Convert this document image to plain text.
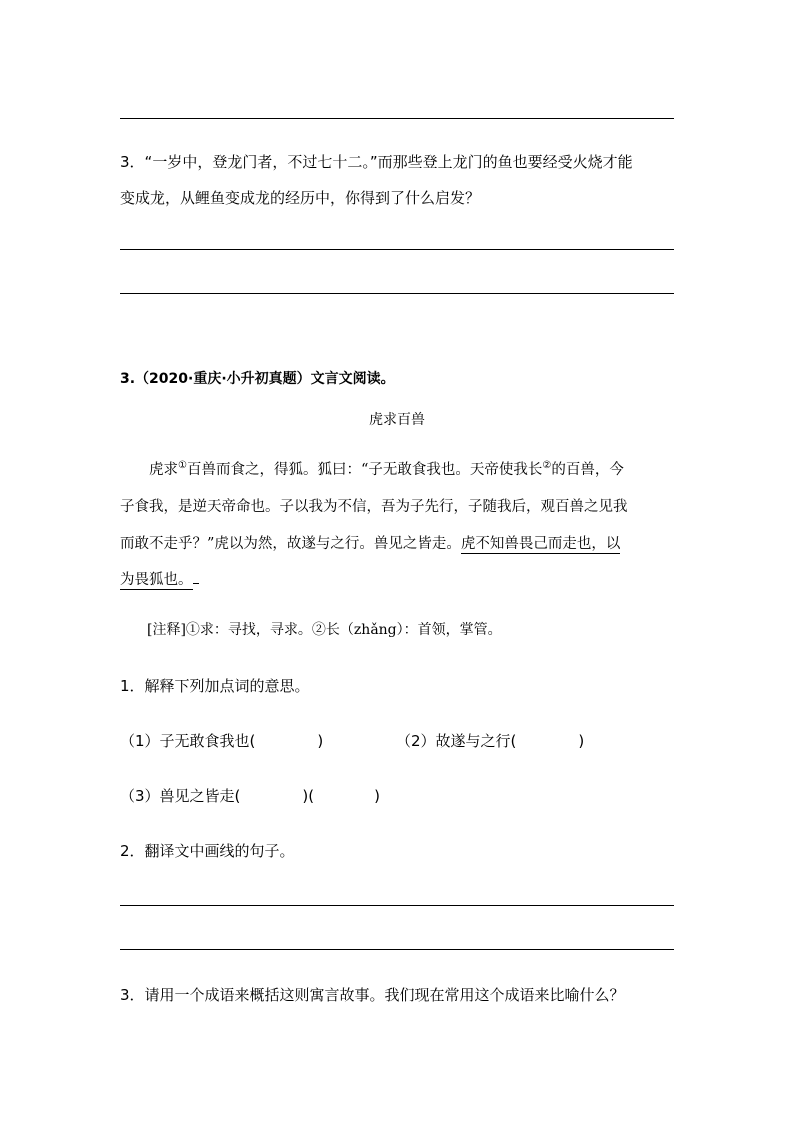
3．“一岁中，登龙门者，不过七十二。”而那些登上龙门的鱼也要经受火烧才能
变成龙，从鲤鱼变成龙的经历中，你得到了什么启发？
3.（2020·重庆·小升初真题）文言文阅读。
虎求百兽
虎求①百兽而食之，得狐。狐曰：“子无敢食我也。天帝使我长②的百兽，今
子食我，是逆天帝命也。子以我为不信，吾为子先行，子随我后，观百兽之见我
而敢不走乎？”虎以为然，故遂与之行。兽见之皆走。虎不知兽畏己而走也，以
为畏狐也。
[注释]①求：寻找，寻求。②长（zhǎng）：首领，掌管。
1．解释下列加点词的意思。
（1）子无敢食我也(	)	（2）故遂与之行(	)
（3）兽见之皆走(	)(	)
2．翻译文中画线的句子。
3．请用一个成语来概括这则寓言故事。我们现在常用这个成语来比喻什么？
